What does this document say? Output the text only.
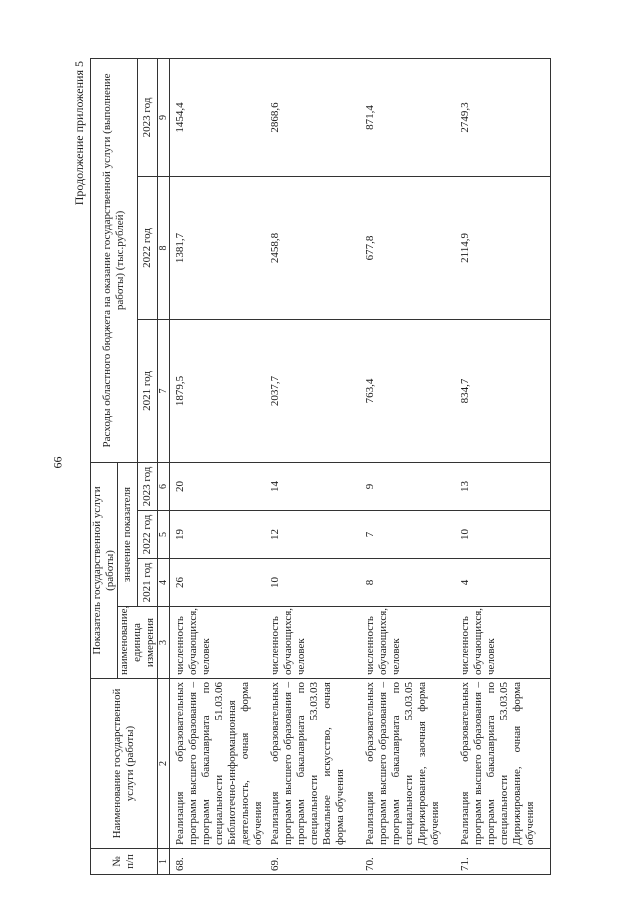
66
Продолжение приложения 5
№ п/п	Наименование государственной услуги (работы)	Показатель государственной услуги (работы)				Расходы областного бюджета на оказание государственной услуги (выполнение работы) (тыс.рублей)		
		наименование, единица измерения	значение показателя					
			2021 год	2022 год	2023 год	2021 год	2022 год	2023 год
1	2	3	4	5	6	7	8	9
68.	Реализация образовательных программ высшего образования – программ бакалавриата по специальности 51.03.06 Библиотечно-информационная деятельность, очная форма обучения	численность обучающихся, человек	26	19	20	1879,5	1381,7	1454,4
69.	Реализация образовательных программ высшего образования – программ бакалавриата по специальности 53.03.03 Вокальное искусство, очная форма обучения	численность обучающихся, человек	10	12	14	2037,7	2458,8	2868,6
70.	Реализация образовательных программ высшего образования – программ бакалавриата по специальности 53.03.05 Дирижирование, заочная форма обучения	численность обучающихся, человек	8	7	9	763,4	677,8	871,4
71.	Реализация образовательных программ высшего образования – программ бакалавриата по специальности 53.03.05 Дирижирование, очная форма обучения	численность обучающихся, человек	4	10	13	834,7	2114,9	2749,3
